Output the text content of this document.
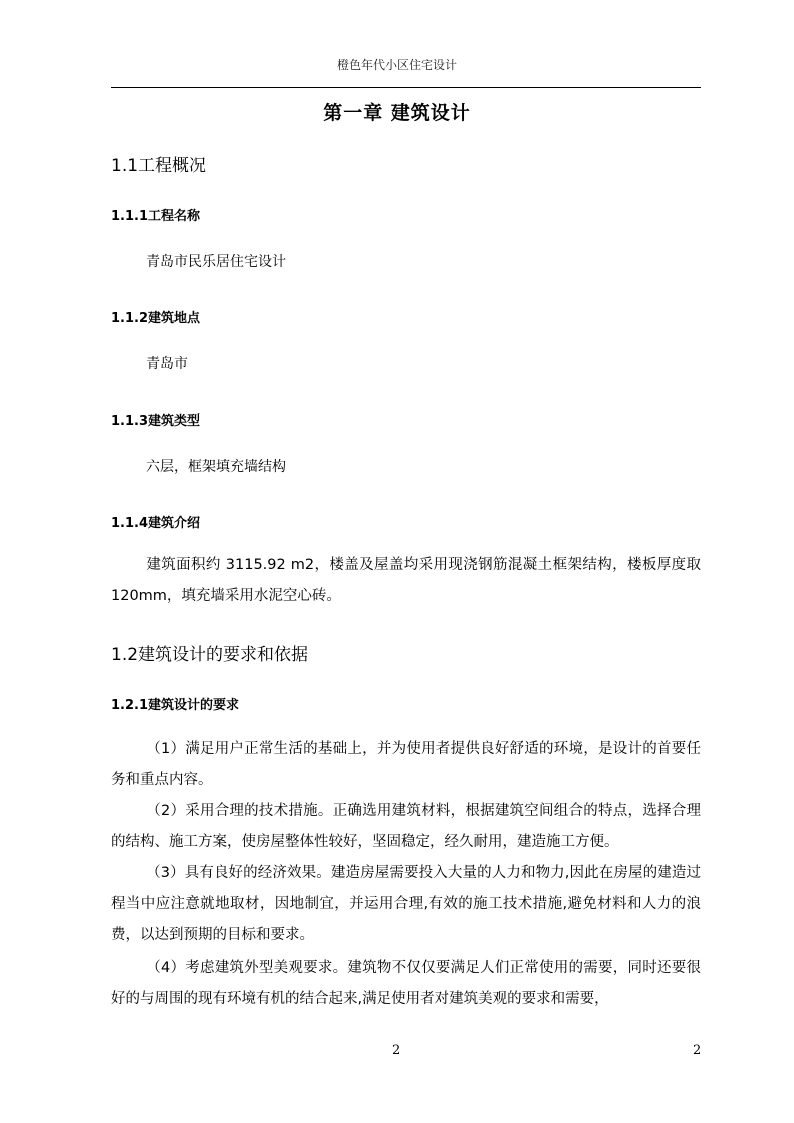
橙色年代小区住宅设计
第一章 建筑设计
1.1工程概况
1.1.1工程名称
青岛市民乐居住宅设计
1.1.2建筑地点
青岛市
1.1.3建筑类型
六层，框架填充墙结构
1.1.4建筑介绍

建筑面积约 3115.92 m2，楼盖及屋盖均采用现浇钢筋混凝土框架结构，楼板厚度取 120mm，填充墙采用水泥空心砖。

1.2建筑设计的要求和依据
1.2.1建筑设计的要求

（1）满足用户正常生活的基础上，并为使用者提供良好舒适的环境，是设计的首要任务和重点内容。

（2）采用合理的技术措施。正确选用建筑材料，根据建筑空间组合的特点，选择合理的结构、施工方案，使房屋整体性较好，坚固稳定，经久耐用，建造施工方便。

（3）具有良好的经济效果。建造房屋需要投入大量的人力和物力,因此在房屋的建造过程当中应注意就地取材，因地制宜，并运用合理,有效的施工技术措施,避免材料和人力的浪费，以达到预期的目标和要求。

（4）考虑建筑外型美观要求。建筑物不仅仅要满足人们正常使用的需要，同时还要很好的与周围的现有环境有机的结合起来,满足使用者对建筑美观的要求和需要，

2	2
